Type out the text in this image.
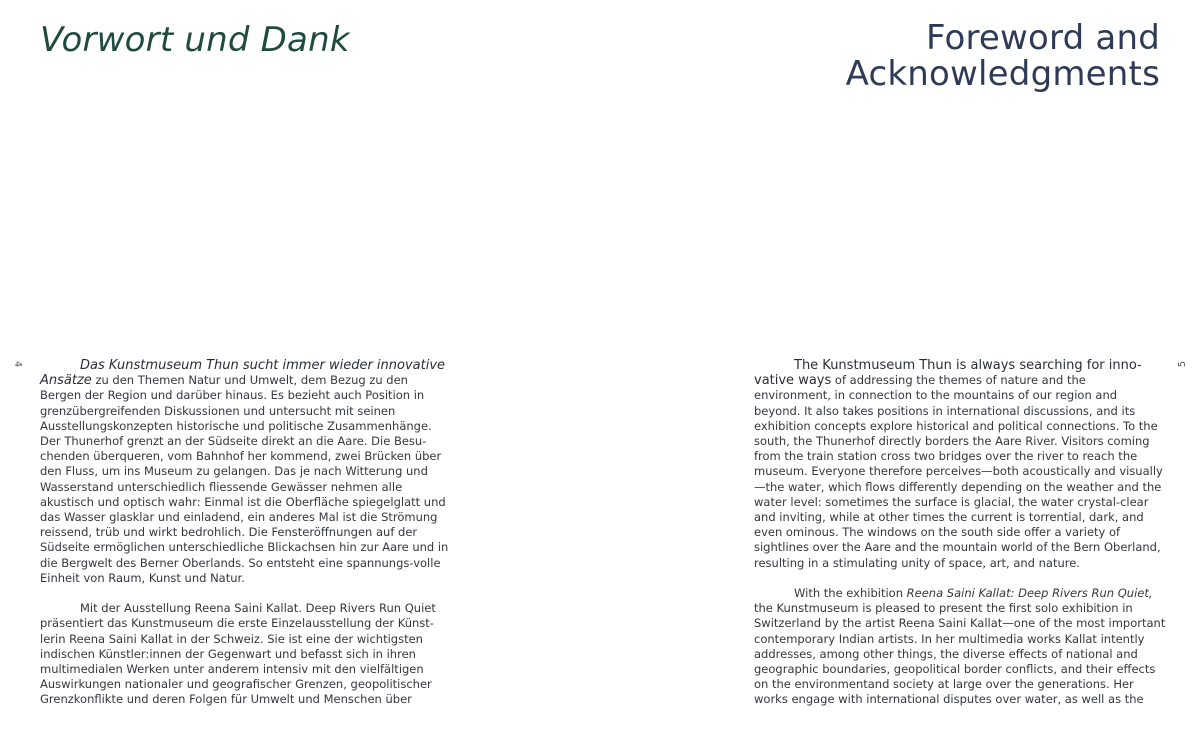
Vorwort und Dank	Foreword and
Acknowledgments
4	5

Das Kunstmuseum Thun sucht immer wieder innovative Ansätze zu den Themen Natur und Umwelt, dem Bezug zu den Bergen der Region und darüber hinaus. Es bezieht auch Position in grenzübergreifenden Diskussionen und untersucht mit seinen Ausstellungskonzepten historische und politische Zusammenhänge. Der Thunerhof grenzt an der Südseite direkt an die Aare. Die Besu-chenden überqueren, vom Bahnhof her kommend, zwei Brücken über den Fluss, um ins Museum zu gelangen. Das je nach Witterung und Wasserstand unterschiedlich fliessende Gewässer nehmen alle akustisch und optisch wahr: Einmal ist die Oberfläche spiegelglatt und das Wasser glasklar und einladend, ein anderes Mal ist die Strömung reissend, trüb und wirkt bedrohlich. Die Fensteröffnungen auf der Südseite ermöglichen unterschiedliche Blickachsen hin zur Aare und in die Bergwelt des Berner Oberlands. So entsteht eine spannungs-volle Einheit von Raum, Kunst und Natur.

Mit der Ausstellung Reena Saini Kallat. Deep Rivers Run Quiet präsentiert das Kunstmuseum die erste Einzelausstellung der Künst-lerin Reena Saini Kallat in der Schweiz. Sie ist eine der wichtigsten indischen Künstler:innen der Gegenwart und befasst sich in ihren multimedialen Werken unter anderem intensiv mit den vielfältigen Auswirkungen nationaler und geografischer Grenzen, geopolitischer Grenzkonflikte und deren Folgen für Umwelt und Menschen über

The Kunstmuseum Thun is always searching for inno-vative ways of addressing the themes of nature and the environment, in connection to the mountains of our region and beyond. It also takes positions in international discussions, and its exhibition concepts explore historical and political connections. To the south, the Thunerhof directly borders the Aare River. Visitors coming from the train station cross two bridges over the river to reach the museum. Everyone therefore perceives—both acoustically and visually—the water, which flows differently depending on the weather and the water level: sometimes the surface is glacial, the water crystal-clear and inviting, while at other times the current is torrential, dark, and even ominous. The windows on the south side offer a variety of sightlines over the Aare and the mountain world of the Bern Oberland, resulting in a stimulating unity of space, art, and nature.

With the exhibition Reena Saini Kallat: Deep Rivers Run Quiet, the Kunstmuseum is pleased to present the first solo exhibition in Switzerland by the artist Reena Saini Kallat—one of the most important contemporary Indian artists. In her multimedia works Kallat intently addresses, among other things, the diverse effects of national and geographic boundaries, geopolitical border conflicts, and their effects on the environmentand society at large over the generations. Her works engage with international disputes over water, as well as the
